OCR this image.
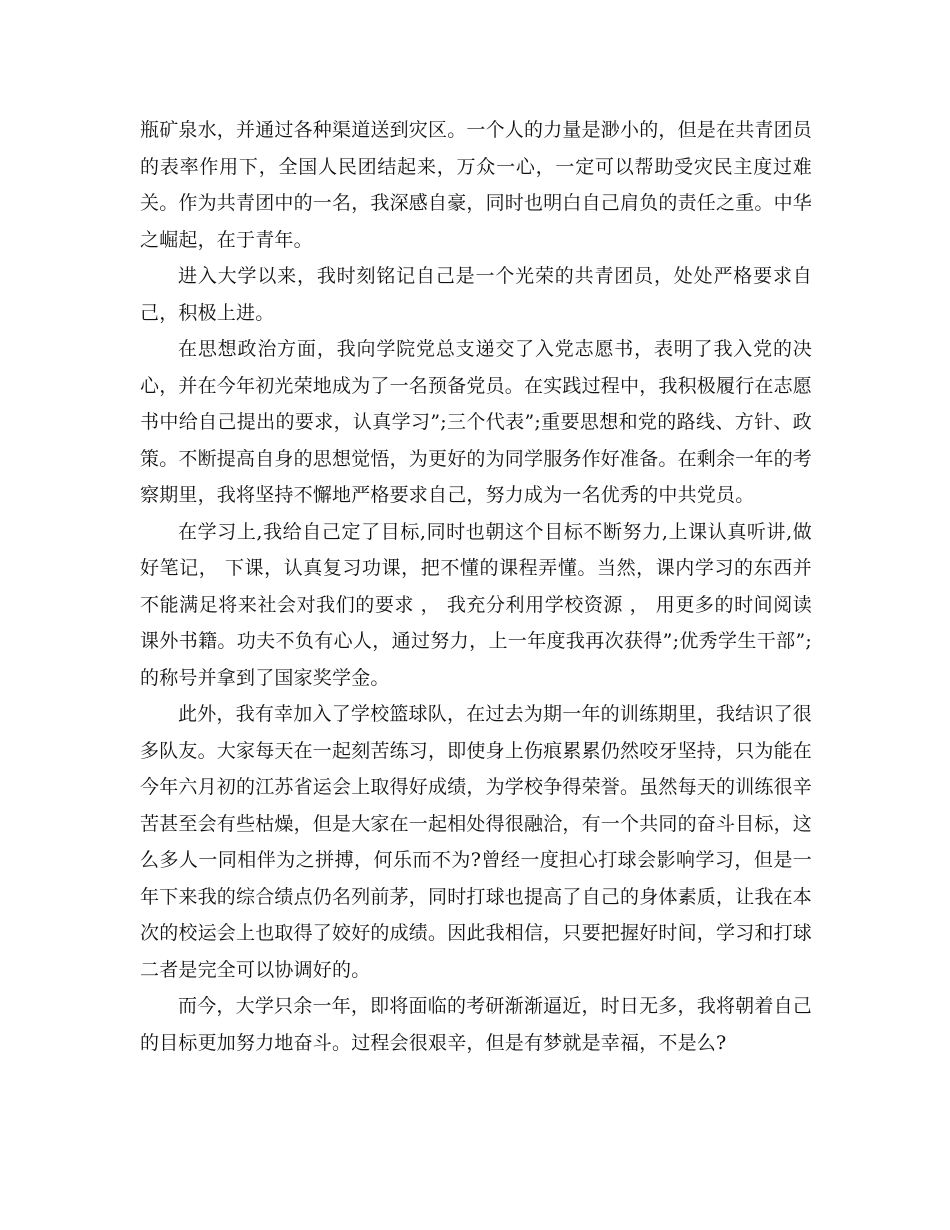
瓶矿泉水，并通过各种渠道送到灾区。一个人的力量是渺小的，但是在共青团员的表率作用下，全国人民团结起来，万众一心，一定可以帮助受灾民主度过难关。作为共青团中的一名，我深感自豪，同时也明白自己肩负的责任之重。中华之崛起，在于青年。

进入大学以来，我时刻铭记自己是一个光荣的共青团员，处处严格要求自己，积极上进。

在思想政治方面，我向学院党总支递交了入党志愿书，表明了我入党的决心，并在今年初光荣地成为了一名预备党员。在实践过程中，我积极履行在志愿书中给自己提出的要求，认真学习”;三个代表”;重要思想和党的路线、方针、政策。不断提高自身的思想觉悟，为更好的为同学服务作好准备。在剩余一年的考察期里，我将坚持不懈地严格要求自己，努力成为一名优秀的中共党员。

在学习上,我给自己定了目标,同时也朝这个目标不断努力,上课认真听讲,做好笔记， 下课，认真复习功课，把不懂的课程弄懂。当然，课内学习的东西并不能满足将来社会对我们的要求 ， 我充分利用学校资源 ， 用更多的时间阅读课外书籍。功夫不负有心人，通过努力，上一年度我再次获得”;优秀学生干部”;的称号并拿到了国家奖学金。

此外，我有幸加入了学校篮球队，在过去为期一年的训练期里，我结识了很多队友。大家每天在一起刻苦练习，即使身上伤痕累累仍然咬牙坚持，只为能在今年六月初的江苏省运会上取得好成绩，为学校争得荣誉。虽然每天的训练很辛苦甚至会有些枯燥，但是大家在一起相处得很融洽，有一个共同的奋斗目标，这么多人一同相伴为之拼搏，何乐而不为?曾经一度担心打球会影响学习，但是一年下来我的综合绩点仍名列前茅，同时打球也提高了自己的身体素质，让我在本次的校运会上也取得了姣好的成绩。因此我相信，只要把握好时间，学习和打球二者是完全可以协调好的。

而今，大学只余一年，即将面临的考研渐渐逼近，时日无多，我将朝着自己的目标更加努力地奋斗。过程会很艰辛，但是有梦就是幸福，不是么?
